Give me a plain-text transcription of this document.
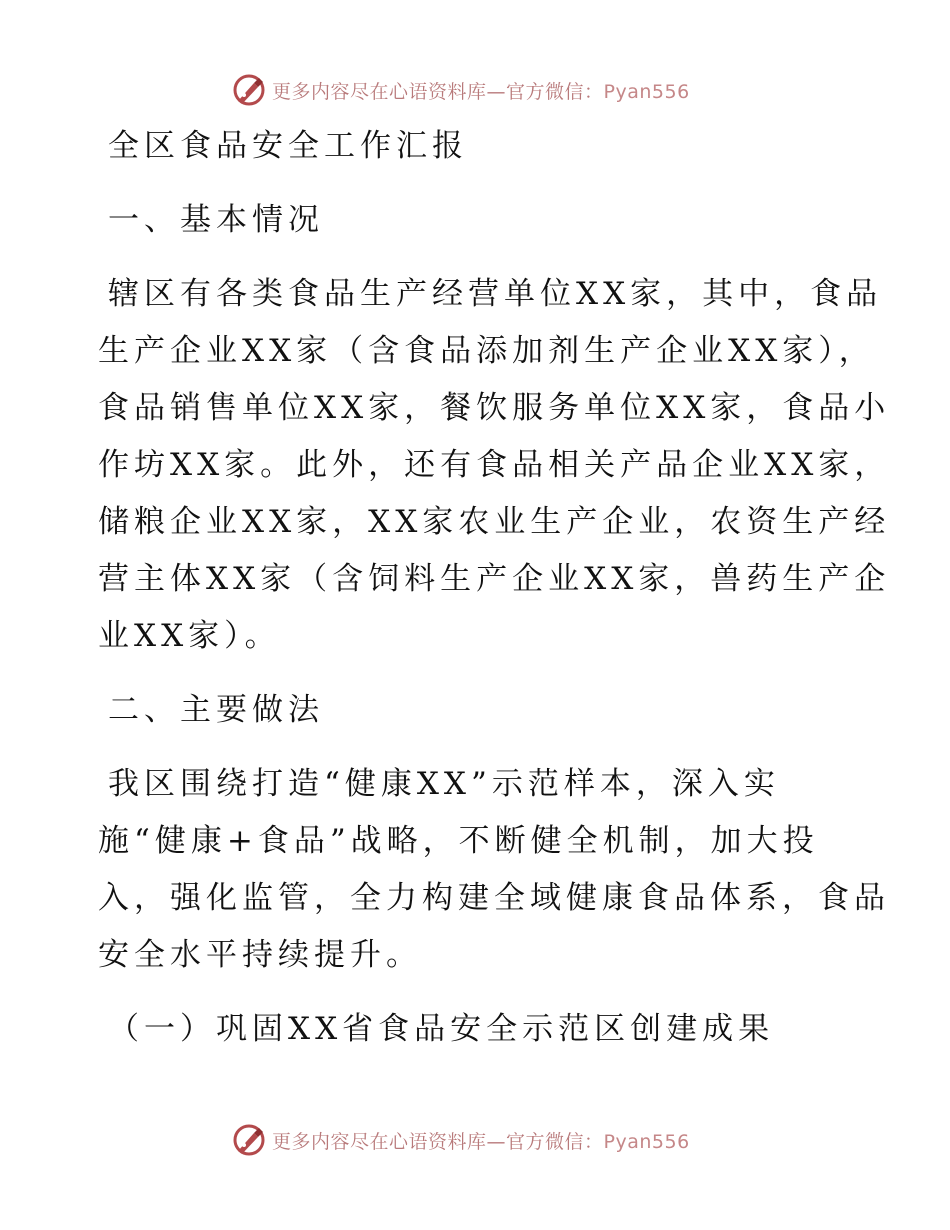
更多内容尽在心语资料库—官方微信：Pyan556

全区食品安全工作汇报

一、基本情况

辖区有各类食品生产经营单位XX家，其中，食品

生产企业XX家（含食品添加剂生产企业XX家），

食品销售单位XX家，餐饮服务单位XX家，食品小

作坊XX家。此外，还有食品相关产品企业XX家，

储粮企业XX家，XX家农业生产企业，农资生产经

营主体XX家（含饲料生产企业XX家，兽药生产企

业XX家）。

二、主要做法

我区围绕打造“健康XX”示范样本，深入实

施“健康+食品”战略，不断健全机制，加大投

入，强化监管，全力构建全域健康食品体系，食品

安全水平持续提升。

（一）巩固XX省食品安全示范区创建成果

更多内容尽在心语资料库—官方微信：Pyan556
